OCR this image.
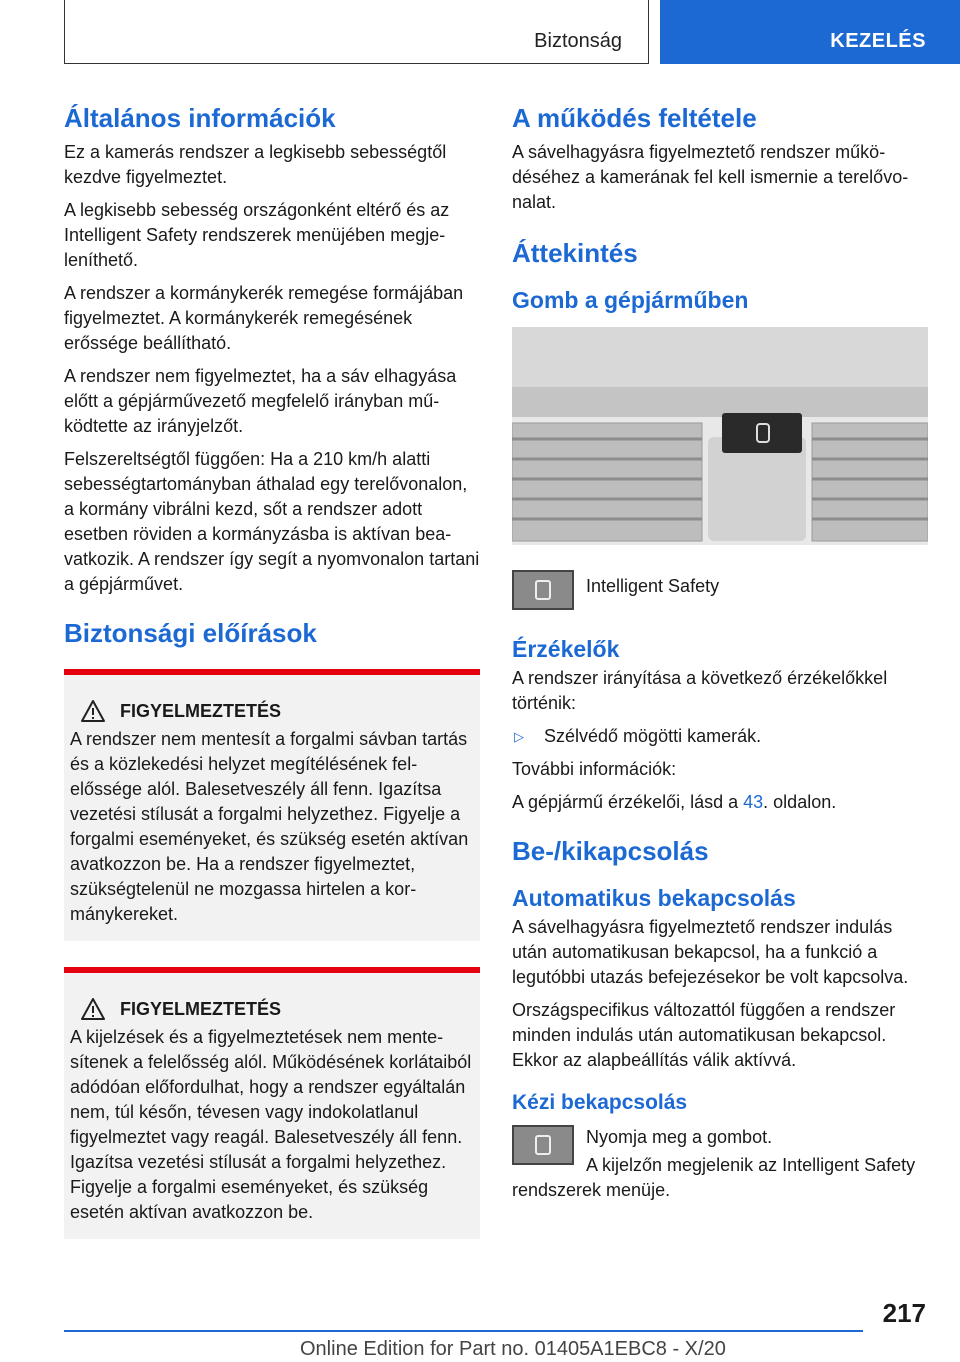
Biztonság	KEZELÉS
Általános információk

Ez a kamerás rendszer a legkisebb sebességtől kezdve figyelmeztet.

A legkisebb sebesség országonként eltérő és az Intelligent Safety rendszerek menüjében megjeleníthető.

A rendszer a kormánykerék remegése formájában figyelmeztet. A kormánykerék remegésének erőssége beállítható.

A rendszer nem figyelmeztet, ha a sáv elhagyása előtt a gépjárművezető megfelelő irányban működtette az irányjelzőt.

Felszereltségtől függően: Ha a 210 km/h alatti sebességtartományban áthalad egy terelővonalon, a kormány vibrálni kezd, sőt a rendszer adott esetben röviden a kormányzásba is aktívan beavatkozik. A rendszer így segít a nyomvonalon tartani a gépjárművet.

Biztonsági előírások
FIGYELMEZTETÉS

A rendszer nem mentesít a forgalmi sávban tartás és a közlekedési helyzet megítélésének felelőssége alól. Balesetveszély áll fenn. Igazítsa vezetési stílusát a forgalmi helyzethez. Figyelje a forgalmi eseményeket, és szükség esetén aktívan avatkozzon be. Ha a rendszer figyelmeztet, szükségtelenül ne mozgassa hirtelen a kormánykereket.

FIGYELMEZTETÉS

A kijelzések és a figyelmeztetések nem mentesítenek a felelősség alól. Működésének korlátaiból adódóan előfordulhat, hogy a rendszer egyáltalán nem, túl későn, tévesen vagy indokolatlanul figyelmeztet vagy reagál. Balesetveszély áll fenn. Igazítsa vezetési stílusát a forgalmi helyzethez. Figyelje a forgalmi eseményeket, és szükség esetén aktívan avatkozzon be.

A működés feltétele

A sávelhagyásra figyelmeztető rendszer működéséhez a kamerának fel kell ismernie a terelővonalat.

Áttekintés
Gomb a gépjárműben

Intelligent Safety

Érzékelők

A rendszer irányítása a következő érzékelőkkel történik:

▷	Szélvédő mögötti kamerák.

További információk:

A gépjármű érzékelői, lásd a 43. oldalon.

Be-/kikapcsolás
Automatikus bekapcsolás

A sávelhagyásra figyelmeztető rendszer indulás után automatikusan bekapcsol, ha a funkció a legutóbbi utazás befejezésekor be volt kapcsolva.

Országspecifikus változattól függően a rendszer minden indulás után automatikusan bekapcsol. Ekkor az alapbeállítás válik aktívvá.

Kézi bekapcsolás

Nyomja meg a gombot.

A kijelzőn megjelenik az Intelligent Safety rendszerek menüje.

217
Online Edition for Part no. 01405A1EBC8 - X/20
